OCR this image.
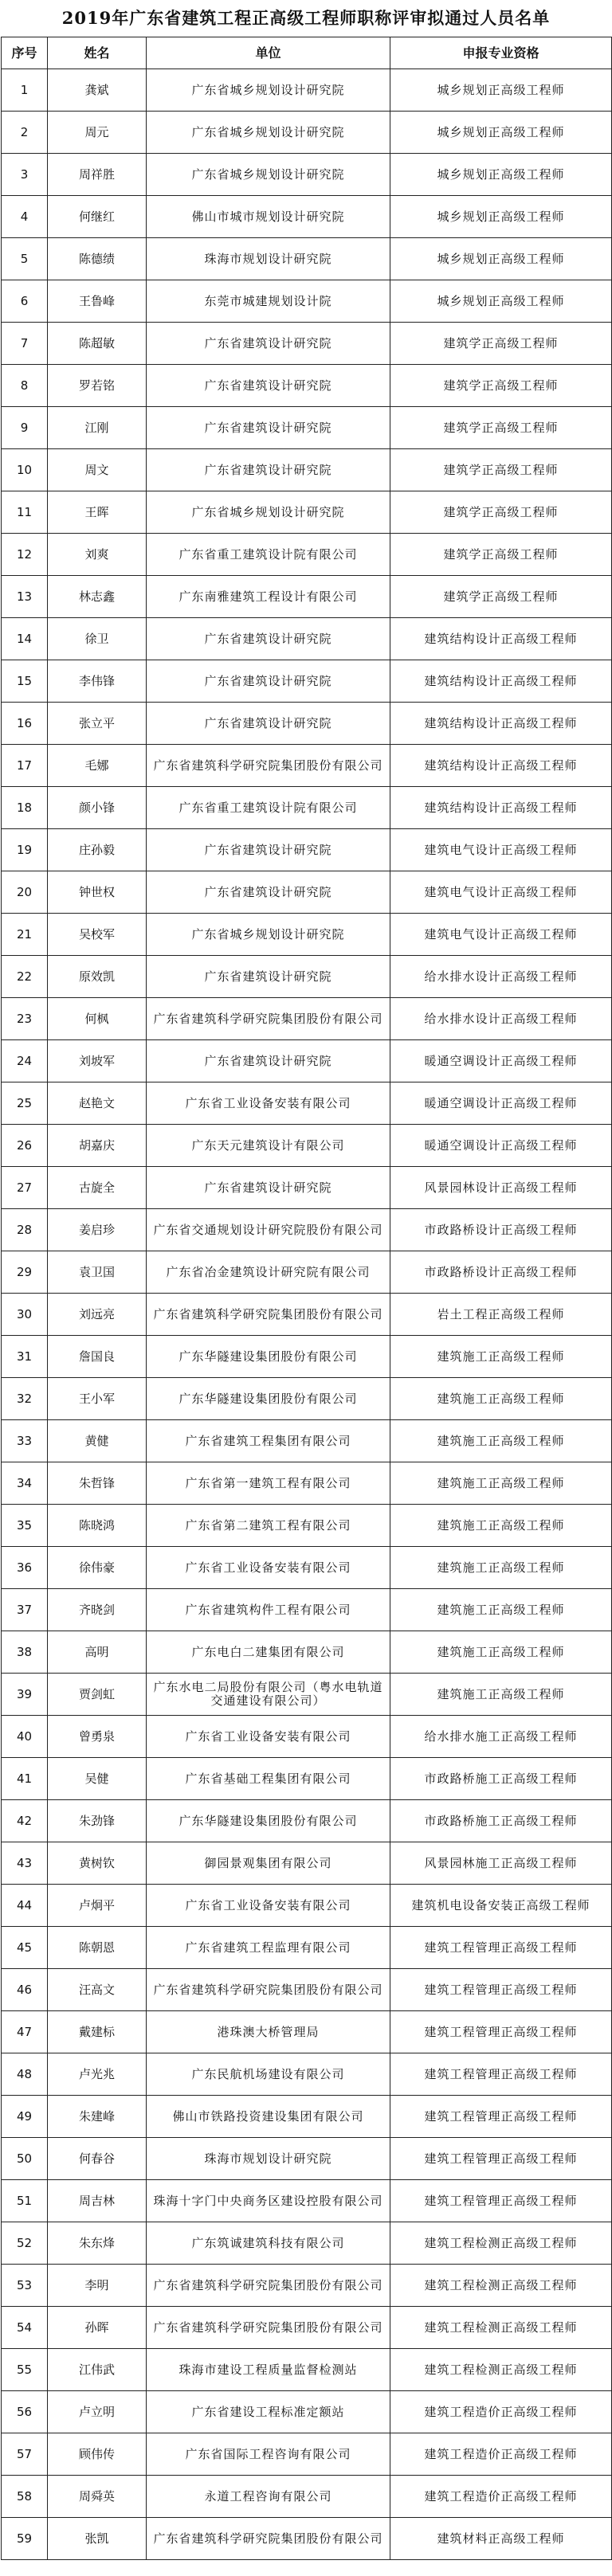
2019年广东省建筑工程正高级工程师职称评审拟通过人员名单
序号	姓名	单位	申报专业资格
1	龚斌	广东省城乡规划设计研究院	城乡规划正高级工程师
2	周元	广东省城乡规划设计研究院	城乡规划正高级工程师
3	周祥胜	广东省城乡规划设计研究院	城乡规划正高级工程师
4	何继红	佛山市城市规划设计研究院	城乡规划正高级工程师
5	陈德绩	珠海市规划设计研究院	城乡规划正高级工程师
6	王鲁峰	东莞市城建规划设计院	城乡规划正高级工程师
7	陈超敏	广东省建筑设计研究院	建筑学正高级工程师
8	罗若铭	广东省建筑设计研究院	建筑学正高级工程师
9	江刚	广东省建筑设计研究院	建筑学正高级工程师
10	周文	广东省建筑设计研究院	建筑学正高级工程师
11	王晖	广东省城乡规划设计研究院	建筑学正高级工程师
12	刘爽	广东省重工建筑设计院有限公司	建筑学正高级工程师
13	林志鑫	广东南雅建筑工程设计有限公司	建筑学正高级工程师
14	徐卫	广东省建筑设计研究院	建筑结构设计正高级工程师
15	李伟锋	广东省建筑设计研究院	建筑结构设计正高级工程师
16	张立平	广东省建筑设计研究院	建筑结构设计正高级工程师
17	毛娜	广东省建筑科学研究院集团股份有限公司	建筑结构设计正高级工程师
18	颜小锋	广东省重工建筑设计院有限公司	建筑结构设计正高级工程师
19	庄孙毅	广东省建筑设计研究院	建筑电气设计正高级工程师
20	钟世权	广东省建筑设计研究院	建筑电气设计正高级工程师
21	吴校军	广东省城乡规划设计研究院	建筑电气设计正高级工程师
22	原效凯	广东省建筑设计研究院	给水排水设计正高级工程师
23	何枫	广东省建筑科学研究院集团股份有限公司	给水排水设计正高级工程师
24	刘坡军	广东省建筑设计研究院	暖通空调设计正高级工程师
25	赵艳文	广东省工业设备安装有限公司	暖通空调设计正高级工程师
26	胡嘉庆	广东天元建筑设计有限公司	暖通空调设计正高级工程师
27	古旋全	广东省建筑设计研究院	风景园林设计正高级工程师
28	姜启珍	广东省交通规划设计研究院股份有限公司	市政路桥设计正高级工程师
29	袁卫国	广东省冶金建筑设计研究院有限公司	市政路桥设计正高级工程师
30	刘远亮	广东省建筑科学研究院集团股份有限公司	岩土工程正高级工程师
31	詹国良	广东华隧建设集团股份有限公司	建筑施工正高级工程师
32	王小军	广东华隧建设集团股份有限公司	建筑施工正高级工程师
33	黄健	广东省建筑工程集团有限公司	建筑施工正高级工程师
34	朱哲锋	广东省第一建筑工程有限公司	建筑施工正高级工程师
35	陈晓鸿	广东省第二建筑工程有限公司	建筑施工正高级工程师
36	徐伟豪	广东省工业设备安装有限公司	建筑施工正高级工程师
37	齐晓剑	广东省建筑构件工程有限公司	建筑施工正高级工程师
38	高明	广东电白二建集团有限公司	建筑施工正高级工程师
39	贾剑虹	广东水电二局股份有限公司（粤水电轨道交通建设有限公司）	建筑施工正高级工程师
40	曾勇泉	广东省工业设备安装有限公司	给水排水施工正高级工程师
41	吴健	广东省基础工程集团有限公司	市政路桥施工正高级工程师
42	朱劲锋	广东华隧建设集团股份有限公司	市政路桥施工正高级工程师
43	黄树钦	御园景观集团有限公司	风景园林施工正高级工程师
44	卢炯平	广东省工业设备安装有限公司	建筑机电设备安装正高级工程师
45	陈朝恩	广东省建筑工程监理有限公司	建筑工程管理正高级工程师
46	汪高文	广东省建筑科学研究院集团股份有限公司	建筑工程管理正高级工程师
47	戴建标	港珠澳大桥管理局	建筑工程管理正高级工程师
48	卢光兆	广东民航机场建设有限公司	建筑工程管理正高级工程师
49	朱建峰	佛山市铁路投资建设集团有限公司	建筑工程管理正高级工程师
50	何春谷	珠海市规划设计研究院	建筑工程管理正高级工程师
51	周吉林	珠海十字门中央商务区建设控股有限公司	建筑工程管理正高级工程师
52	朱东烽	广东筑诚建筑科技有限公司	建筑工程检测正高级工程师
53	李明	广东省建筑科学研究院集团股份有限公司	建筑工程检测正高级工程师
54	孙晖	广东省建筑科学研究院集团股份有限公司	建筑工程检测正高级工程师
55	江伟武	珠海市建设工程质量监督检测站	建筑工程检测正高级工程师
56	卢立明	广东省建设工程标准定额站	建筑工程造价正高级工程师
57	顾伟传	广东省国际工程咨询有限公司	建筑工程造价正高级工程师
58	周舜英	永道工程咨询有限公司	建筑工程造价正高级工程师
59	张凯	广东省建筑科学研究院集团股份有限公司	建筑材料正高级工程师
